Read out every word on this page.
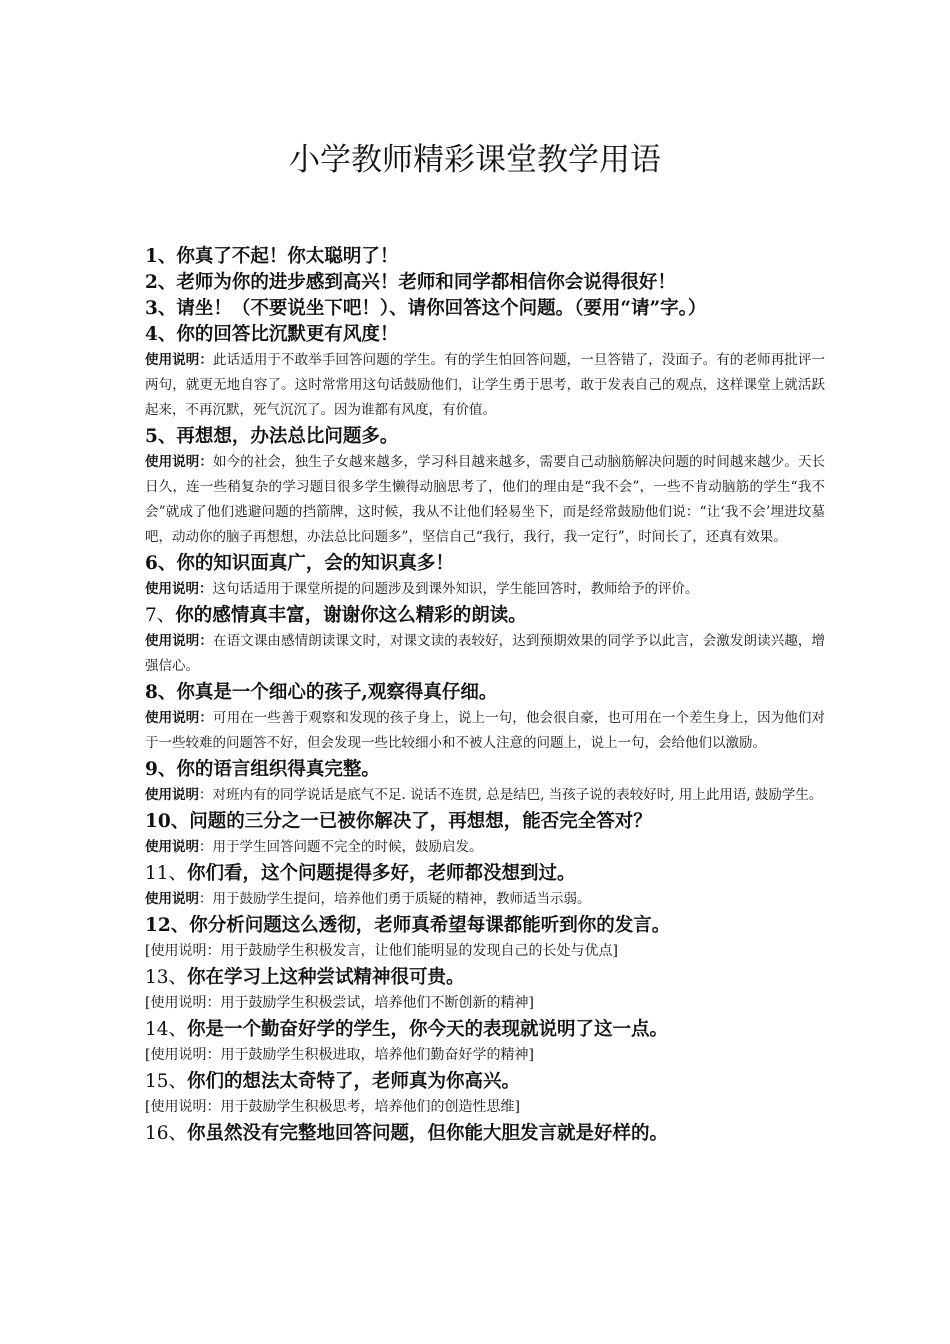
小学教师精彩课堂教学用语
1、你真了不起！你太聪明了！
2、老师为你的进步感到高兴！老师和同学都相信你会说得很好！
3、请坐！（不要说坐下吧！）、请你回答这个问题。（要用“请”字。）
4、你的回答比沉默更有风度！
使用说明：此话适用于不敢举手回答问题的学生。有的学生怕回答问题，一旦答错了，没面子。有的老师再批评一两句，就更无地自容了。这时常常用这句话鼓励他们，让学生勇于思考，敢于发表自己的观点，这样课堂上就活跃起来，不再沉默，死气沉沉了。因为谁都有风度，有价值。
5、再想想，办法总比问题多。
使用说明：如今的社会，独生子女越来越多，学习科目越来越多，需要自己动脑筋解决问题的时间越来越少。天长日久，连一些稍复杂的学习题目很多学生懒得动脑思考了，他们的理由是“我不会”，一些不肯动脑筋的学生“我不会”就成了他们逃避问题的挡箭牌，这时候，我从不让他们轻易坐下，而是经常鼓励他们说：“让‘我不会’埋进坟墓吧，动动你的脑子再想想，办法总比问题多”，坚信自己“我行，我行，我一定行”，时间长了，还真有效果。
6、你的知识面真广，会的知识真多！
使用说明：这句话适用于课堂所提的问题涉及到课外知识，学生能回答时，教师给予的评价。
7、你的感情真丰富，谢谢你这么精彩的朗读。
使用说明：在语文课由感情朗读课文时，对课文读的表较好，达到预期效果的同学予以此言，会激发朗读兴趣，增强信心。
8、你真是一个细心的孩子,观察得真仔细。
使用说明：可用在一些善于观察和发现的孩子身上，说上一句，他会很自豪，也可用在一个差生身上，因为他们对于一些较难的问题答不好，但会发现一些比较细小和不被人注意的问题上，说上一句，会给他们以激励。
9、你的语言组织得真完整。
使用说明：对班内有的同学说话是底气不足. 说话不连贯, 总是结巴, 当孩子说的表较好时, 用上此用语, 鼓励学生。
10、问题的三分之一已被你解决了，再想想，能否完全答对？
使用说明：用于学生回答问题不完全的时候，鼓励启发。
11、你们看，这个问题提得多好，老师都没想到过。
使用说明：用于鼓励学生提问，培养他们勇于质疑的精神，教师适当示弱。
12、你分析问题这么透彻，老师真希望每课都能听到你的发言。
[使用说明：用于鼓励学生积极发言，让他们能明显的发现自己的长处与优点]
13、你在学习上这种尝试精神很可贵。
[使用说明：用于鼓励学生积极尝试，培养他们不断创新的精神]
14、你是一个勤奋好学的学生，你今天的表现就说明了这一点。
[使用说明：用于鼓励学生积极进取，培养他们勤奋好学的精神]
15、你们的想法太奇特了，老师真为你高兴。
[使用说明：用于鼓励学生积极思考，培养他们的创造性思维]
16、你虽然没有完整地回答问题，但你能大胆发言就是好样的。
